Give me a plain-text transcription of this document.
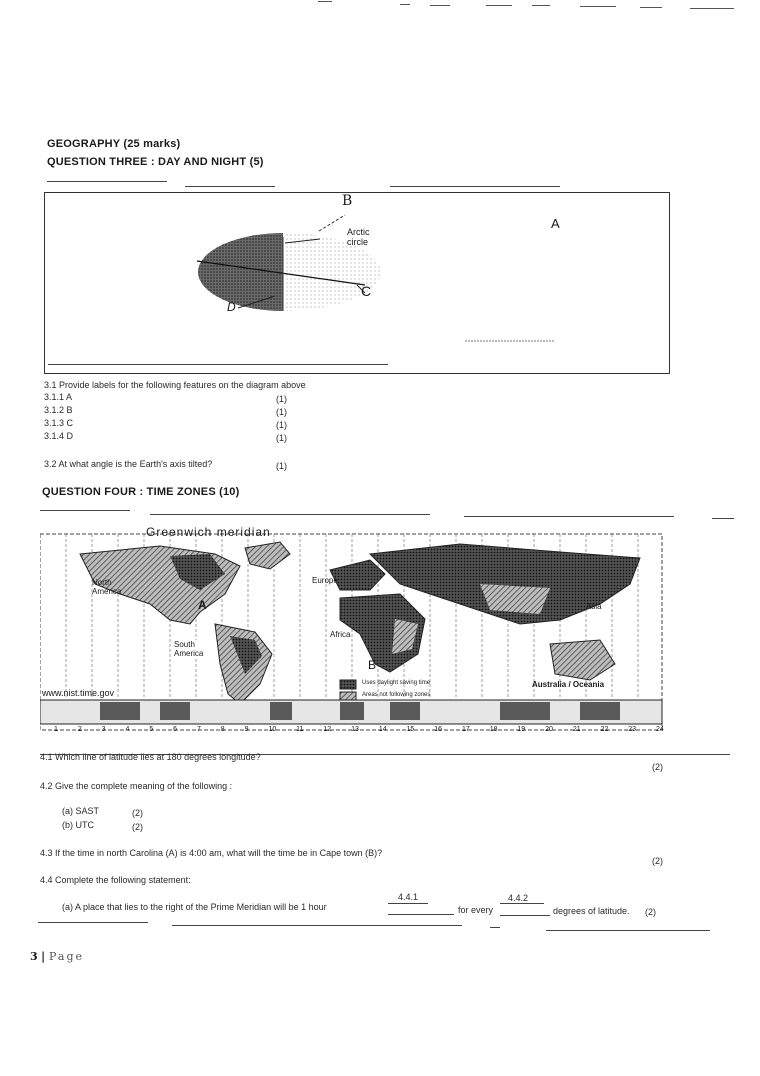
GEOGRAPHY (25 marks)
QUESTION THREE : DAY AND NIGHT (5)
B
A
C
D
Arctic
circle
3.1 Provide labels for the following features on the diagram above
3.1.1 A	(1)
3.1.2 B	(1)
3.1.3 C	(1)
3.1.4 D	(1)
3.2 At what angle is the Earth's axis tilted?	(1)
QUESTION FOUR : TIME ZONES (10)
Greenwich meridian
North America
Europe
Africa
Asia
South America
Australia / Oceania
www.nist.time.gov
Uses daylight saving time
Areas not following zones
A
B
1	2	3	4	5	6	7	8	9	10	11	12	13	14	15	16	17	18	19	20	21	22	23	24
4.1 Which line of latitude lies at 180 degrees longitude?
(2)
4.2 Give the complete meaning of the following :
(a) SAST	(2)
(b) UTC	(2)
4.3 If the time in north Carolina (A) is 4:00 am, what will the time be in Cape town (B)?
(2)
4.4 Complete the following statement:
4.4.1	4.4.2
(a) A place that lies to the right of the Prime Meridian will be 1 hour	for every	degrees of latitude. (2)
3 | Page
